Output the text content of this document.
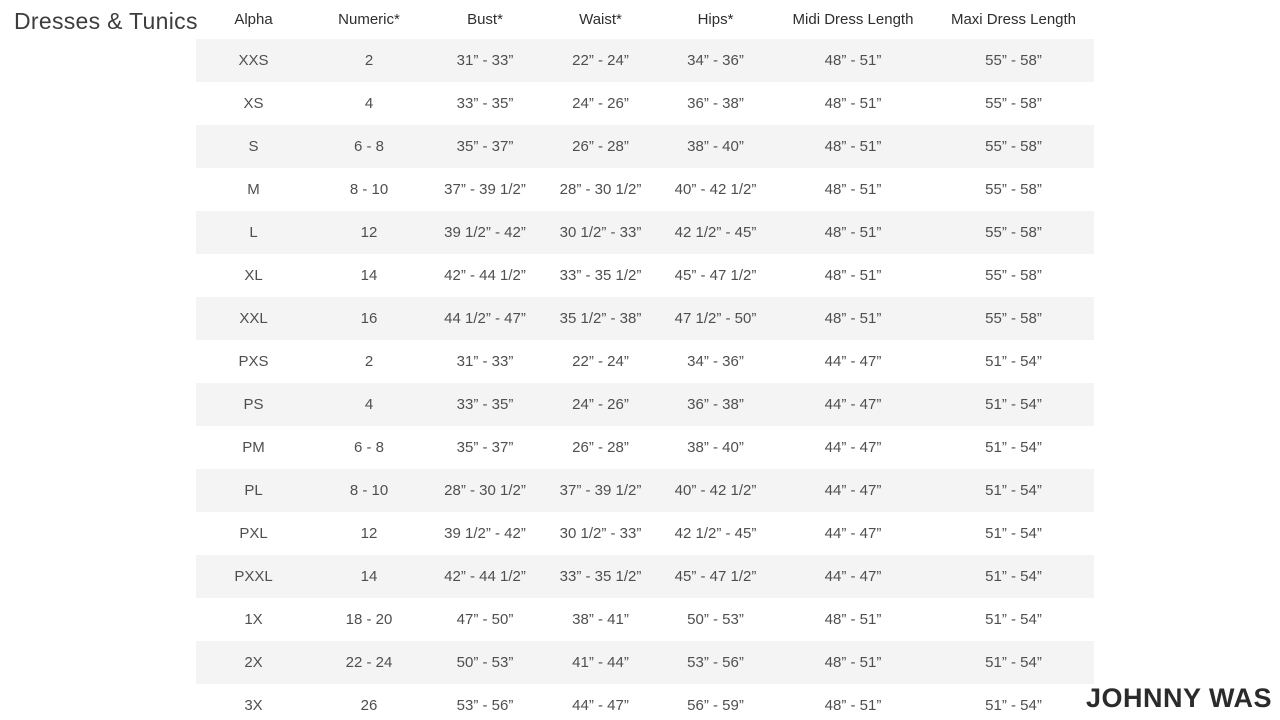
Dresses & Tunics	Alpha	Numeric*	Bust*	Waist*	Hips*	Midi Dress Length	Maxi Dress Length
XXS	2	31” - 33”	22” - 24”	34” - 36”	48” - 51”	55” - 58”
XS	4	33” - 35”	24” - 26”	36” - 38”	48” - 51”	55” - 58”
S	6 - 8	35” - 37”	26” - 28”	38” - 40”	48” - 51”	55” - 58”
M	8 - 10	37” - 39 1/2”	28” - 30 1/2”	40” - 42 1/2”	48” - 51”	55” - 58”
L	12	39 1/2” - 42”	30 1/2” - 33”	42 1/2” - 45”	48” - 51”	55” - 58”
XL	14	42” - 44 1/2”	33” - 35 1/2”	45” - 47 1/2”	48” - 51”	55” - 58”
XXL	16	44 1/2” - 47”	35 1/2” - 38”	47 1/2” - 50”	48” - 51”	55” - 58”
PXS	2	31” - 33”	22” - 24”	34” - 36”	44” - 47”	51” - 54”
PS	4	33” - 35”	24” - 26”	36” - 38”	44” - 47”	51” - 54”
PM	6 - 8	35” - 37”	26” - 28”	38” - 40”	44” - 47”	51” - 54”
PL	8 - 10	28” - 30 1/2”	37” - 39 1/2”	40” - 42 1/2”	44” - 47”	51” - 54”
PXL	12	39 1/2” - 42”	30 1/2” - 33”	42 1/2” - 45”	44” - 47”	51” - 54”
PXXL	14	42” - 44 1/2”	33” - 35 1/2”	45” - 47 1/2”	44” - 47”	51” - 54”
1X	18 - 20	47” - 50”	38” - 41”	50” - 53”	48” - 51”	51” - 54”
2X	22 - 24	50” - 53”	41” - 44”	53” - 56”	48” - 51”	51” - 54”
3X	26	53” - 56”	44” - 47”	56” - 59”	48” - 51”	51” - 54”	JOHNNY WAS
